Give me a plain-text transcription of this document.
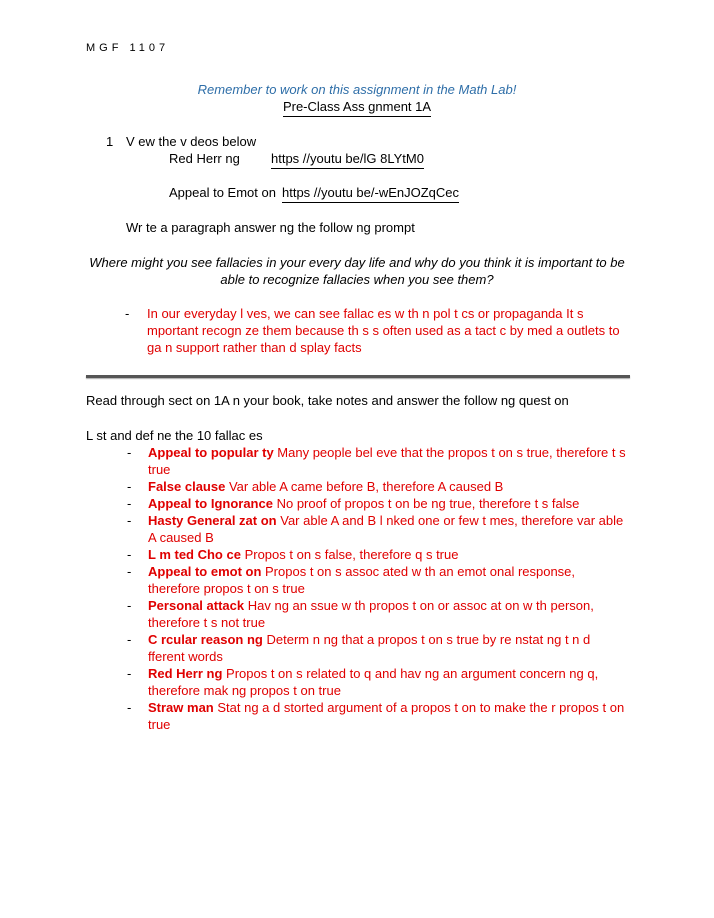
MGF 1107
Remember to work on this assignment in the Math Lab!
Pre-Class Ass gnment 1A
1 V ew the v deos below
Red Herr ng https //youtu be/lG 8LYtM0
Appeal to Emot on https //youtu be/-wEnJOZqCec
Wr te a paragraph answer ng the follow ng prompt
Where might you see fallacies in your every day life and why do you think it is important to be able to recognize fallacies when you see them?
- In our everyday l ves, we can see fallac es w th n pol t cs or propaganda It s mportant recogn ze them because th s s often used as a tact c by med a outlets to ga n support rather than d splay facts
Read through sect on 1A n your book, take notes and answer the follow ng quest on
L st and def ne the 10 fallac es
- Appeal to popular ty Many people bel eve that the propos t on s true, therefore t s true
- False clause Var able A came before B, therefore A caused B
- Appeal to Ignorance No proof of propos t on be ng true, therefore t s false
- Hasty General zat on Var able A and B l nked one or few t mes, therefore var able A caused B
- L m ted Cho ce Propos t on s false, therefore q s true
- Appeal to emot on Propos t on s assoc ated w th an emot onal response, therefore propos t on s true
- Personal attack Hav ng an ssue w th propos t on or assoc at on w th person, therefore t s not true
- C rcular reason ng Determ n ng that a propos t on s true by re nstat ng t n d fferent words
- Red Herr ng Propos t on s related to q and hav ng an argument concern ng q, therefore mak ng propos t on true
- Straw man Stat ng a d storted argument of a propos t on to make the r propos t on true
